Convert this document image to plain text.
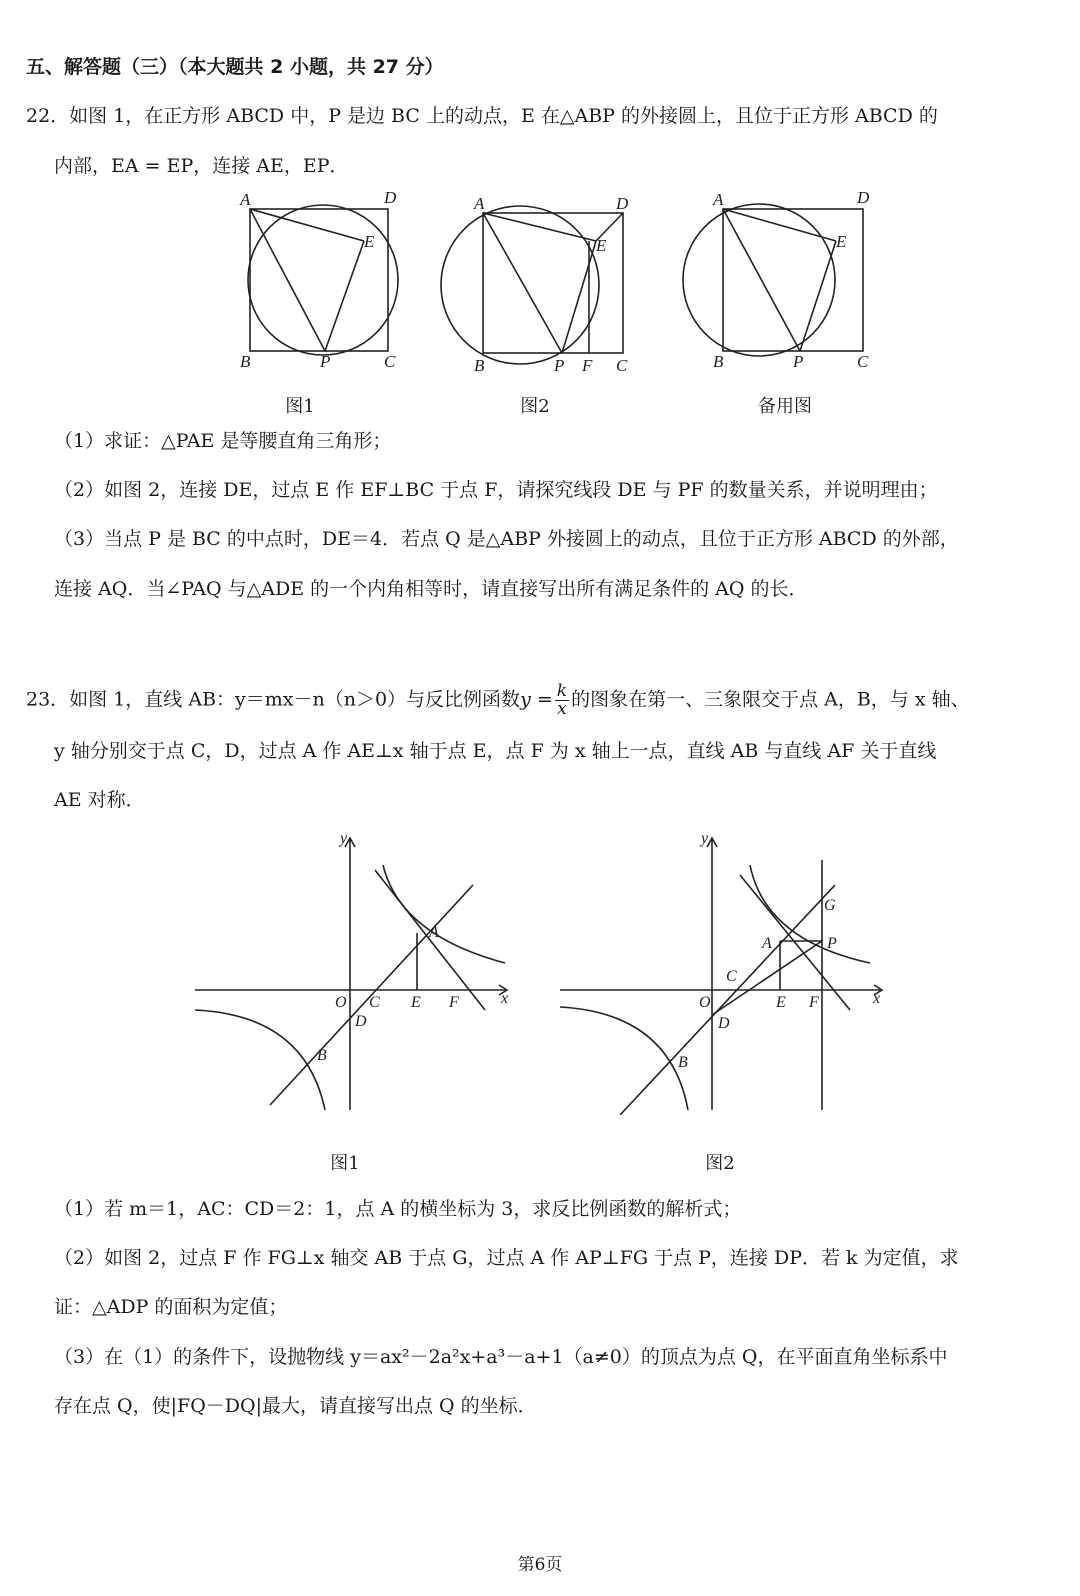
五、解答题（三）（本大题共 2 小题，共 27 分）
22．如图 1，在正方形 ABCD 中，P 是边 BC 上的动点，E 在△ABP 的外接圆上，且位于正方形 ABCD 的
内部，EA = EP，连接 AE，EP．
A	D
E
B	P	C
A	D
E
B	P F C
A	D
E
B	P	C
图1	图2	备用图
（1）求证：△PAE 是等腰直角三角形；
（2）如图 2，连接 DE，过点 E 作 EF⊥BC 于点 F，请探究线段 DE 与 PF 的数量关系，并说明理由；
（3）当点 P 是 BC 的中点时，DE＝4．若点 Q 是△ABP 外接圆上的动点，且位于正方形 ABCD 的外部，
连接 AQ．当∠PAQ 与△ADE 的一个内角相等时，请直接写出所有满足条件的 AQ 的长．
23．如图 1，直线 AB：y＝mx－n（n＞0）与反比例函数$y = \frac{k}{x}$ 的图象在第一、三象限交于点 A，B，与 x 轴、
y 轴分别交于点 C，D，过点 A 作 AE⊥x 轴于点 E，点 F 为 x 轴上一点，直线 AB 与直线 AF 关于直线
AE 对称．
y
A
O C E F	x
D
B
y
G
A	P
C
O	E F	x
D
B
图1	图2
（1）若 m＝1，AC：CD＝2：1，点 A 的横坐标为 3，求反比例函数的解析式；
（2）如图 2，过点 F 作 FG⊥x 轴交 AB 于点 G，过点 A 作 AP⊥FG 于点 P，连接 DP．若 k 为定值，求
证：△ADP 的面积为定值；
（3）在（1）的条件下，设抛物线 y＝ax²－2a²x+a³－a+1（a≠0）的顶点为点 Q，在平面直角坐标系中
存在点 Q，使|FQ－DQ|最大，请直接写出点 Q 的坐标．
第6页
